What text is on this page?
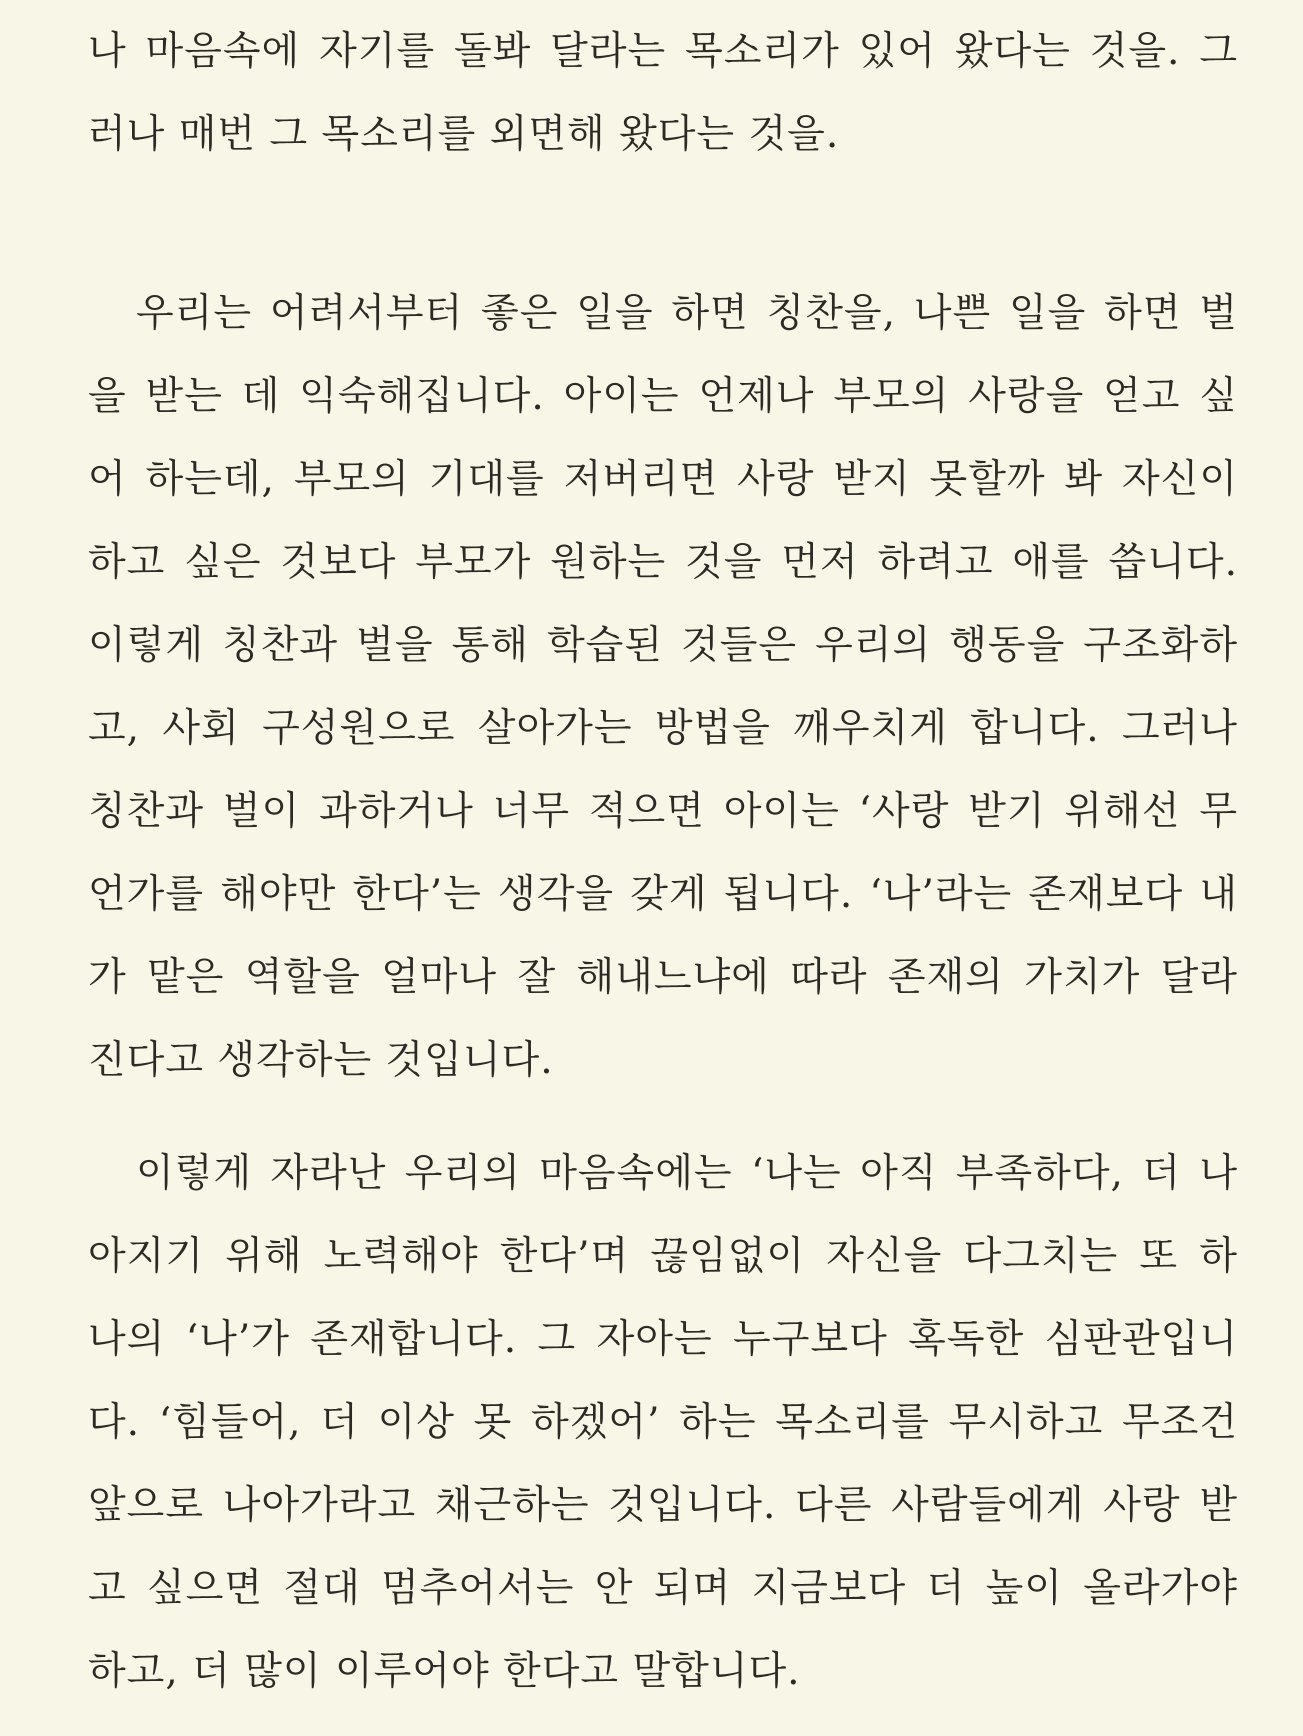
나 마음속에 자기를 돌봐 달라는 목소리가 있어 왔다는 것을. 그
러나 매번 그 목소리를 외면해 왔다는 것을.
우리는 어려서부터 좋은 일을 하면 칭찬을, 나쁜 일을 하면 벌
을 받는 데 익숙해집니다. 아이는 언제나 부모의 사랑을 얻고 싶
어 하는데, 부모의 기대를 저버리면 사랑 받지 못할까 봐 자신이
하고 싶은 것보다 부모가 원하는 것을 먼저 하려고 애를 씁니다.
이렇게 칭찬과 벌을 통해 학습된 것들은 우리의 행동을 구조화하
고, 사회 구성원으로 살아가는 방법을 깨우치게 합니다. 그러나
칭찬과 벌이 과하거나 너무 적으면 아이는 ‘사랑 받기 위해선 무
언가를 해야만 한다’는 생각을 갖게 됩니다. ‘나’라는 존재보다 내
가 맡은 역할을 얼마나 잘 해내느냐에 따라 존재의 가치가 달라
진다고 생각하는 것입니다.
이렇게 자라난 우리의 마음속에는 ‘나는 아직 부족하다, 더 나
아지기 위해 노력해야 한다’며 끊임없이 자신을 다그치는 또 하
나의 ‘나’가 존재합니다. 그 자아는 누구보다 혹독한 심판관입니
다. ‘힘들어, 더 이상 못 하겠어’ 하는 목소리를 무시하고 무조건
앞으로 나아가라고 채근하는 것입니다. 다른 사람들에게 사랑 받
고 싶으면 절대 멈추어서는 안 되며 지금보다 더 높이 올라가야
하고, 더 많이 이루어야 한다고 말합니다.
